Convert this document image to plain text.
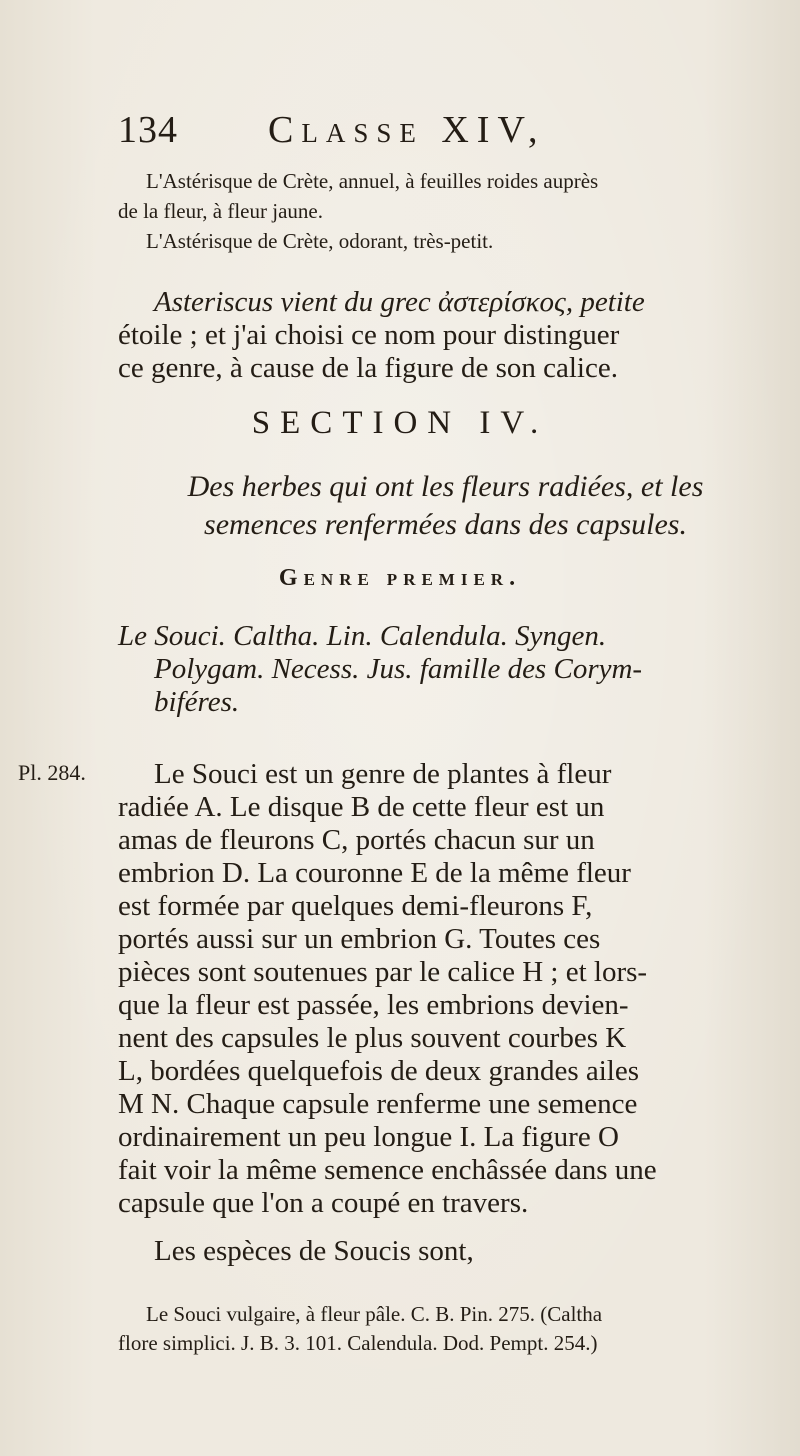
134 Classe XIV,
L'Astérisque de Crète, annuel, à feuilles roides auprès
de la fleur, à fleur jaune.
L'Astérisque de Crète, odorant, très-petit.
Asteriscus vient du grec ἀστερίσκος, petite
étoile ; et j'ai choisi ce nom pour distinguer
ce genre, à cause de la figure de son calice.
SECTION IV.
Des herbes qui ont les fleurs radiées, et les
semences renfermées dans des capsules.
Genre premier.
Le Souci. Caltha. Lin. Calendula. Syngen.
Polygam. Necess. Jus. famille des Corym-
biféres.
Pl. 284.	Le Souci est un genre de plantes à fleur
radiée A. Le disque B de cette fleur est un
amas de fleurons C, portés chacun sur un
embrion D. La couronne E de la même fleur
est formée par quelques demi-fleurons F,
portés aussi sur un embrion G. Toutes ces
pièces sont soutenues par le calice H ; et lors-
que la fleur est passée, les embrions devien-
nent des capsules le plus souvent courbes K
L, bordées quelquefois de deux grandes ailes
M N. Chaque capsule renferme une semence
ordinairement un peu longue I. La figure O
fait voir la même semence enchâssée dans une
capsule que l'on a coupé en travers.
Les espèces de Soucis sont,
Le Souci vulgaire, à fleur pâle. C. B. Pin. 275. (Caltha
flore simplici. J. B. 3. 101. Calendula. Dod. Pempt. 254.)
